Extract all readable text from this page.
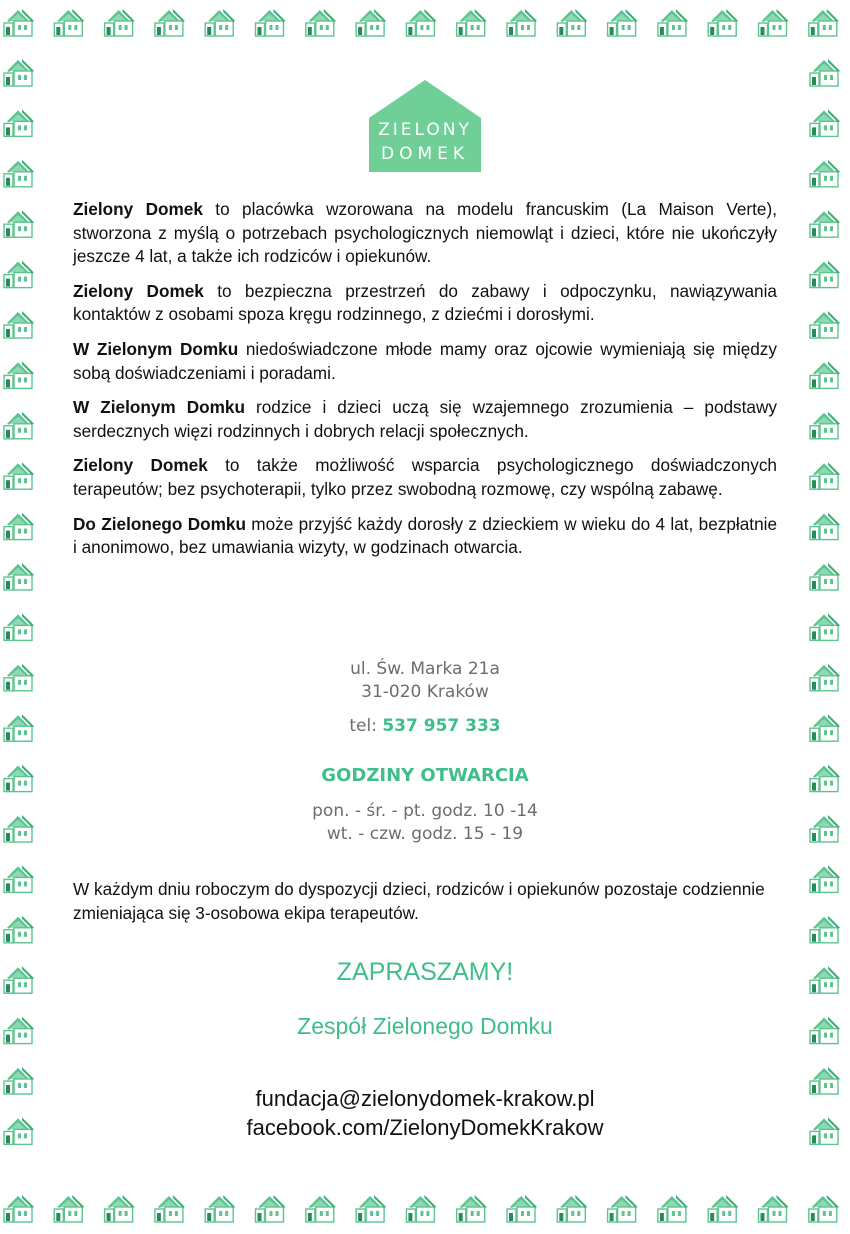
ZIELONY
DOMEK

Zielony Domek to placówka wzorowana na modelu francuskim (La Maison Verte), stworzona z myślą o potrzebach psychologicznych niemowląt i dzieci, które nie ukończyły jeszcze 4 lat, a także ich rodziców i opiekunów.

Zielony Domek to bezpieczna przestrzeń do zabawy i odpoczynku, nawiązywania kontaktów z osobami spoza kręgu rodzinnego, z dziećmi i dorosłymi.

W Zielonym Domku niedoświadczone młode mamy oraz ojcowie wymieniają się między sobą doświadczeniami i poradami.

W Zielonym Domku rodzice i dzieci uczą się wzajemnego zrozumienia – podstawy serdecznych więzi rodzinnych i dobrych relacji społecznych.

Zielony Domek to także możliwość wsparcia psychologicznego doświadczonych terapeutów; bez psychoterapii, tylko przez swobodną rozmowę, czy wspólną zabawę.

Do Zielonego Domku może przyjść każdy dorosły z dzieckiem w wieku do 4 lat, bezpłatnie i anonimowo, bez umawiania wizyty, w godzinach otwarcia.

ul. Św. Marka 21a
31-020 Kraków
tel: 537 957 333
GODZINY OTWARCIA
pon. - śr. - pt. godz. 10 -14
wt. - czw. godz. 15 - 19
W każdym dniu roboczym do dyspozycji dzieci, rodziców i opiekunów pozostaje codziennie zmieniająca się 3-osobowa ekipa terapeutów.
ZAPRASZAMY!
Zespół Zielonego Domku
fundacja@zielonydomek-krakow.pl
facebook.com/ZielonyDomekKrakow
